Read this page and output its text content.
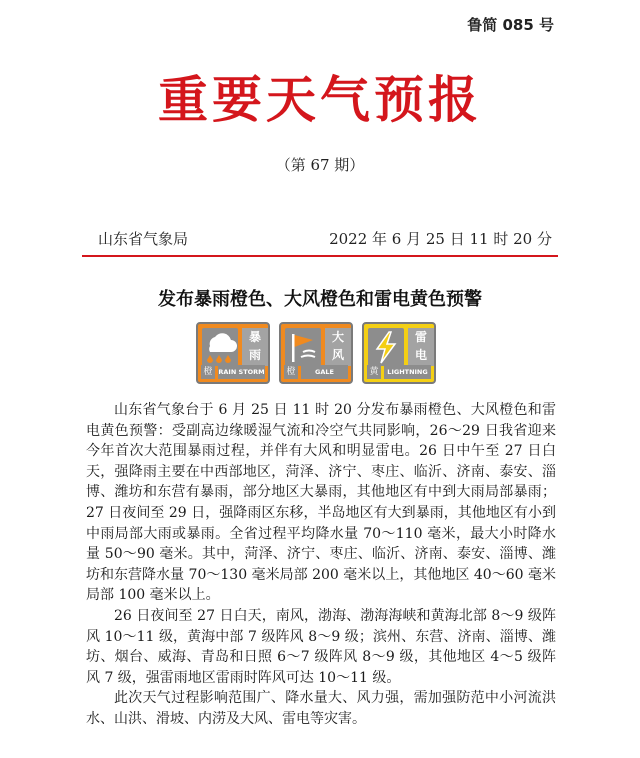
鲁简 085 号
重要天气预报
（第 67 期）
山东省气象局	2022 年 6 月 25 日 11 时 20 分
发布暴雨橙色、大风橙色和雷电黄色预警
暴
雨
橙 RAIN STORM
大
风
橙	GALE
雷
电
黄	LIGHTNING

山东省气象台于 6 月 25 日 11 时 20 分发布暴雨橙色、大风橙色和雷电黄色预警：受副高边缘暖湿气流和冷空气共同影响，26～29 日我省迎来今年首次大范围暴雨过程，并伴有大风和明显雷电。26 日中午至 27 日白天，强降雨主要在中西部地区，菏泽、济宁、枣庄、临沂、济南、泰安、淄博、潍坊和东营有暴雨，部分地区大暴雨，其他地区有中到大雨局部暴雨；27 日夜间至 29 日，强降雨区东移，半岛地区有大到暴雨，其他地区有小到中雨局部大雨或暴雨。全省过程平均降水量 70～110 毫米，最大小时降水量 50～90 毫米。其中，菏泽、济宁、枣庄、临沂、济南、泰安、淄博、潍坊和东营降水量 70～130 毫米局部 200 毫米以上，其他地区 40～60 毫米局部 100 毫米以上。

26 日夜间至 27 日白天，南风，渤海、渤海海峡和黄海北部 8～9 级阵风 10～11 级，黄海中部 7 级阵风 8～9 级；滨州、东营、济南、淄博、潍坊、烟台、威海、青岛和日照 6～7 级阵风 8～9 级，其他地区 4～5 级阵风 7 级，强雷雨地区雷雨时阵风可达 10～11 级。

此次天气过程影响范围广、降水量大、风力强，需加强防范中小河流洪水、山洪、滑坡、内涝及大风、雷电等灾害。
